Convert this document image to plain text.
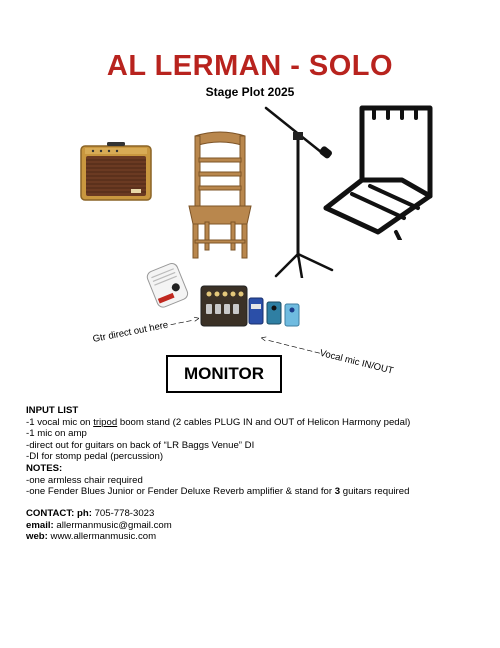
AL LERMAN - SOLO
Stage Plot 2025
Gtr direct out here – – – >
< – – – – – – –Vocal mic IN/OUT
MONITOR
INPUT LIST
-1 vocal mic on tripod boom stand (2 cables PLUG IN and OUT of Helicon Harmony pedal)
-1 mic on amp
-direct out for guitars on back of “LR Baggs Venue” DI
-DI for stomp pedal (percussion)
NOTES:
-one armless chair required
-one Fender Blues Junior or Fender Deluxe Reverb amplifier & stand for 3 guitars required
CONTACT: ph: 705-778-3023
email: allermanmusic@gmail.com
web: www.allermanmusic.com
